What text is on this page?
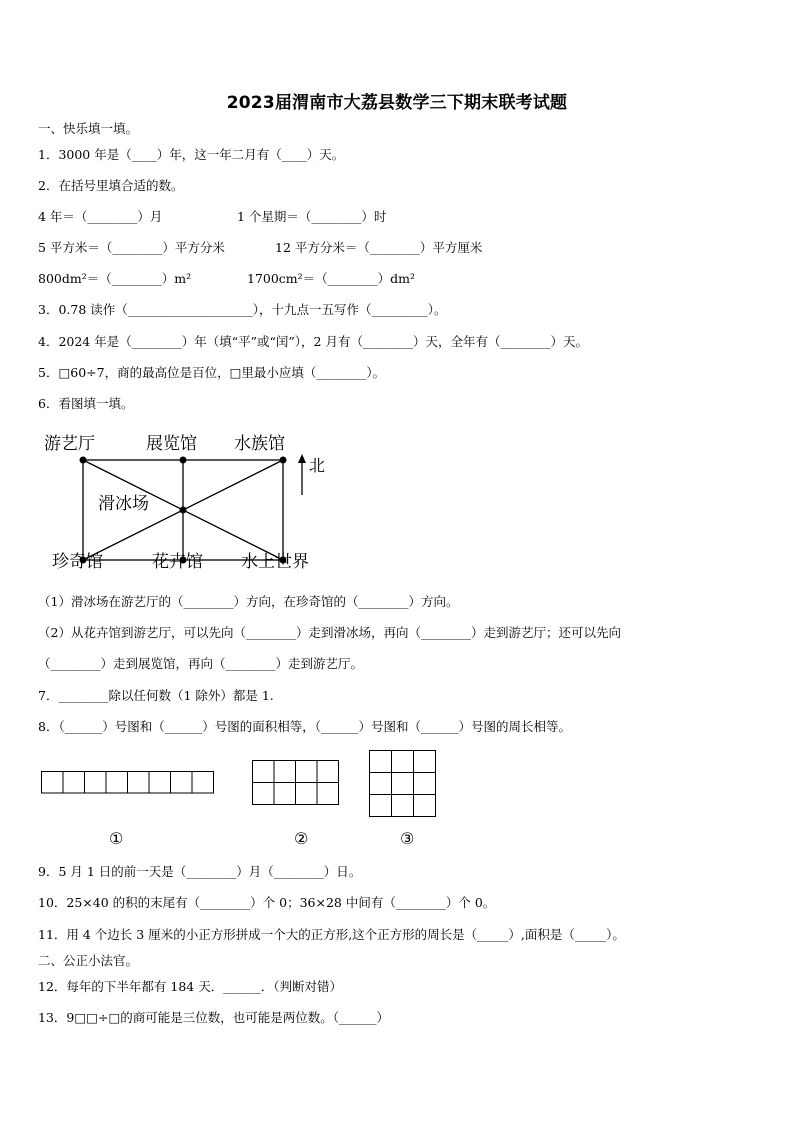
2023届渭南市大荔县数学三下期末联考试题
一、快乐填一填。
1．3000 年是（____）年，这一年二月有（____）天。
2．在括号里填合适的数。
4 年＝（________）月	1 个星期＝（________）时
5 平方米＝（________）平方分米	12 平方分米＝（________）平方厘米
800dm²＝（________）m²	1700cm²＝（________）dm²
3．0.78 读作（____________________），十九点一五写作（_________）。
4．2024 年是（________）年（填“平”或“闰”），2 月有（________）天，全年有（________）天。
5．□60÷7，商的最高位是百位，□里最小应填（________）。
6．看图填一填。
游艺厅	展览馆 水族馆
滑冰场
珍奇馆	花卉馆 水上世界
北
（1）滑冰场在游艺厅的（________）方向，在珍奇馆的（________）方向。
（2）从花卉馆到游艺厅，可以先向（________）走到滑冰场，再向（________）走到游艺厅；还可以先向
（________）走到展览馆，再向（________）走到游艺厅。
7．________除以任何数（1 除外）都是 1.
8．（______）号图和（______）号图的面积相等，（______）号图和（______）号图的周长相等。
①	②	③
9．5 月 1 日的前一天是（________）月（________）日。
10．25×40 的积的末尾有（________）个 0；36×28 中间有（________）个 0。
11．用 4 个边长 3 厘米的小正方形拼成一个大的正方形,这个正方形的周长是（_____）,面积是（_____）。
二、公正小法官。
12．每年的下半年都有 184 天．______．（判断对错）
13．9□□÷□的商可能是三位数，也可能是两位数。（______）
